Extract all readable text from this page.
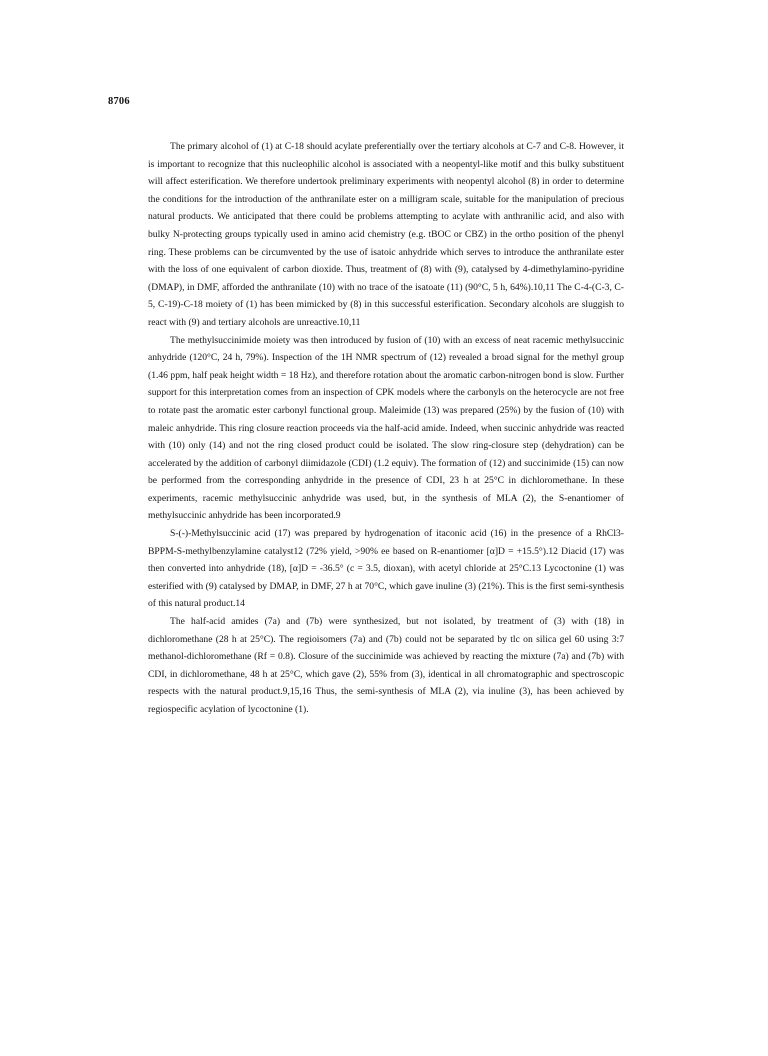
8706

The primary alcohol of (1) at C-18 should acylate preferentially over the tertiary alcohols at C-7 and C-8. However, it is important to recognize that this nucleophilic alcohol is associated with a neopentyl-like motif and this bulky substituent will affect esterification. We therefore undertook preliminary experiments with neopentyl alcohol (8) in order to determine the conditions for the introduction of the anthranilate ester on a milligram scale, suitable for the manipulation of precious natural products. We anticipated that there could be problems attempting to acylate with anthranilic acid, and also with bulky N-protecting groups typically used in amino acid chemistry (e.g. tBOC or CBZ) in the ortho position of the phenyl ring. These problems can be circumvented by the use of isatoic anhydride which serves to introduce the anthranilate ester with the loss of one equivalent of carbon dioxide. Thus, treatment of (8) with (9), catalysed by 4-dimethylamino-pyridine (DMAP), in DMF, afforded the anthranilate (10) with no trace of the isatoate (11) (90°C, 5 h, 64%).10,11 The C-4-(C-3, C-5, C-19)-C-18 moiety of (1) has been mimicked by (8) in this successful esterification. Secondary alcohols are sluggish to react with (9) and tertiary alcohols are unreactive.10,11

The methylsuccinimide moiety was then introduced by fusion of (10) with an excess of neat racemic methylsuccinic anhydride (120°C, 24 h, 79%). Inspection of the 1H NMR spectrum of (12) revealed a broad signal for the methyl group (1.46 ppm, half peak height width = 18 Hz), and therefore rotation about the aromatic carbon-nitrogen bond is slow. Further support for this interpretation comes from an inspection of CPK models where the carbonyls on the heterocycle are not free to rotate past the aromatic ester carbonyl functional group. Maleimide (13) was prepared (25%) by the fusion of (10) with maleic anhydride. This ring closure reaction proceeds via the half-acid amide. Indeed, when succinic anhydride was reacted with (10) only (14) and not the ring closed product could be isolated. The slow ring-closure step (dehydration) can be accelerated by the addition of carbonyl diimidazole (CDI) (1.2 equiv). The formation of (12) and succinimide (15) can now be performed from the corresponding anhydride in the presence of CDI, 23 h at 25°C in dichloromethane. In these experiments, racemic methylsuccinic anhydride was used, but, in the synthesis of MLA (2), the S-enantiomer of methylsuccinic anhydride has been incorporated.9

S-(-)-Methylsuccinic acid (17) was prepared by hydrogenation of itaconic acid (16) in the presence of a RhCl3-BPPM-S-methylbenzylamine catalyst12 (72% yield, >90% ee based on R-enantiomer [α]D = +15.5°).12 Diacid (17) was then converted into anhydride (18), [α]D = -36.5° (c = 3.5, dioxan), with acetyl chloride at 25°C.13 Lycoctonine (1) was esterified with (9) catalysed by DMAP, in DMF, 27 h at 70°C, which gave inuline (3) (21%). This is the first semi-synthesis of this natural product.14

The half-acid amides (7a) and (7b) were synthesized, but not isolated, by treatment of (3) with (18) in dichloromethane (28 h at 25°C). The regioisomers (7a) and (7b) could not be separated by tlc on silica gel 60 using 3:7 methanol-dichloromethane (Rf = 0.8). Closure of the succinimide was achieved by reacting the mixture (7a) and (7b) with CDI, in dichloromethane, 48 h at 25°C, which gave (2), 55% from (3), identical in all chromatographic and spectroscopic respects with the natural product.9,15,16 Thus, the semi-synthesis of MLA (2), via inuline (3), has been achieved by regiospecific acylation of lycoctonine (1).
